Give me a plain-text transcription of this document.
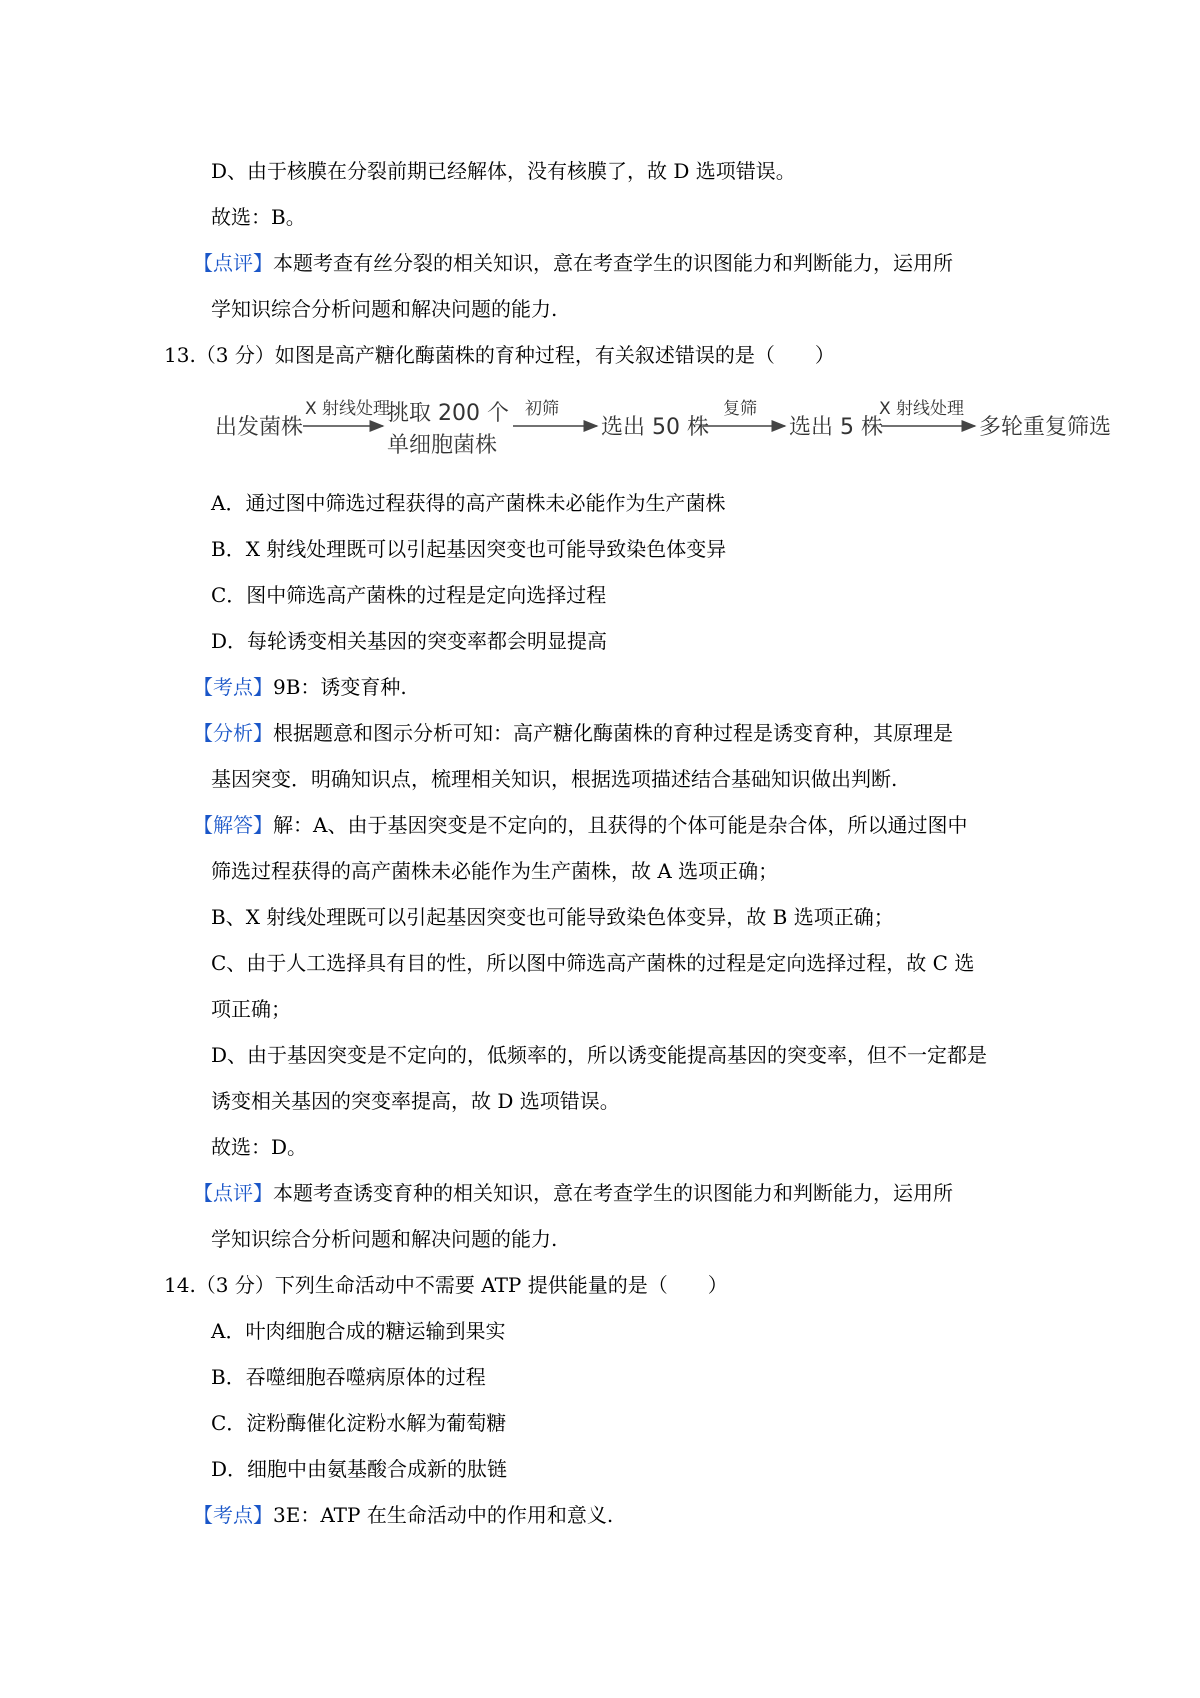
D、由于核膜在分裂前期已经解体，没有核膜了，故 D 选项错误。
故选：B。
【点评】本题考查有丝分裂的相关知识，意在考查学生的识图能力和判断能力，运用所
学知识综合分析问题和解决问题的能力.
13.（3 分）如图是高产糖化酶菌株的育种过程，有关叙述错误的是（　　）
出发菌株
X 射线处理
挑取 200 个
单细胞菌株
初筛
选出 50 株
复筛
选出 5 株
X 射线处理
多轮重复筛选
A．通过图中筛选过程获得的高产菌株未必能作为生产菌株
B．X 射线处理既可以引起基因突变也可能导致染色体变异
C．图中筛选高产菌株的过程是定向选择过程
D．每轮诱变相关基因的突变率都会明显提高
【考点】9B：诱变育种.
【分析】根据题意和图示分析可知：高产糖化酶菌株的育种过程是诱变育种，其原理是
基因突变．明确知识点，梳理相关知识，根据选项描述结合基础知识做出判断.
【解答】解：A、由于基因突变是不定向的，且获得的个体可能是杂合体，所以通过图中
筛选过程获得的高产菌株未必能作为生产菌株，故 A 选项正确；
B、X 射线处理既可以引起基因突变也可能导致染色体变异，故 B 选项正确；
C、由于人工选择具有目的性，所以图中筛选高产菌株的过程是定向选择过程，故 C 选
项正确；
D、由于基因突变是不定向的，低频率的，所以诱变能提高基因的突变率，但不一定都是
诱变相关基因的突变率提高，故 D 选项错误。
故选：D。
【点评】本题考查诱变育种的相关知识，意在考查学生的识图能力和判断能力，运用所
学知识综合分析问题和解决问题的能力.
14.（3 分）下列生命活动中不需要 ATP 提供能量的是（　　）
A．叶肉细胞合成的糖运输到果实
B．吞噬细胞吞噬病原体的过程
C．淀粉酶催化淀粉水解为葡萄糖
D．细胞中由氨基酸合成新的肽链
【考点】3E：ATP 在生命活动中的作用和意义.
